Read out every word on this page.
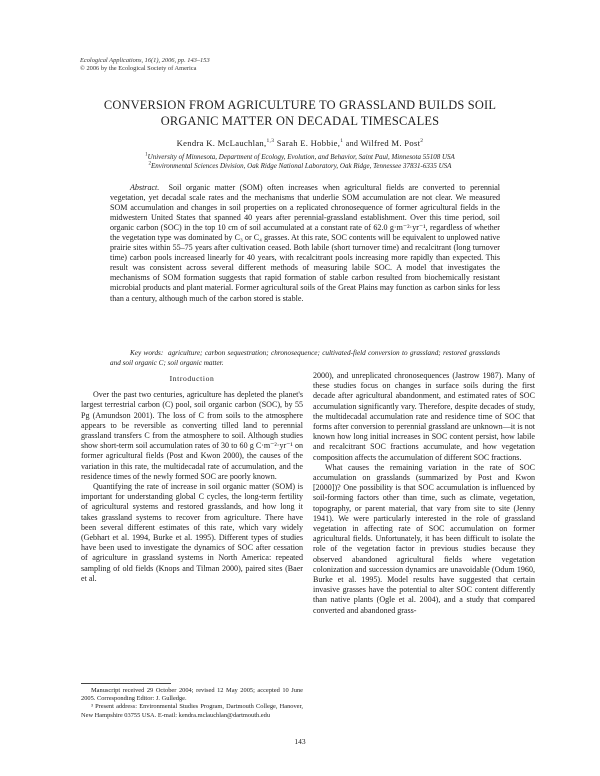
Ecological Applications, 16(1), 2006, pp. 143–153
© 2006 by the Ecological Society of America
CONVERSION FROM AGRICULTURE TO GRASSLAND BUILDS SOIL
ORGANIC MATTER ON DECADAL TIMESCALES
Kendra K. McLauchlan,$^{1,3}$ Sarah E. Hobbie,$^1$ and Wilfred M. Post$^2$
$^1$University of Minnesota, Department of Ecology, Evolution, and Behavior, Saint Paul, Minnesota 55108 USA
$^2$Environmental Sciences Division, Oak Ridge National Laboratory, Oak Ridge, Tennessee 37831-6335 USA

Abstract. Soil organic matter (SOM) often increases when agricultural fields are converted to perennial vegetation, yet decadal scale rates and the mechanisms that underlie SOM accumulation are not clear. We measured SOM accumulation and changes in soil properties on a replicated chronosequence of former agricultural fields in the midwestern United States that spanned 40 years after perennial-grassland establishment. Over this time period, soil organic carbon (SOC) in the top 10 cm of soil accumulated at a constant rate of 62.0 g·m⁻²·yr⁻¹, regardless of whether the vegetation type was dominated by C₃ or C₄ grasses. At this rate, SOC contents will be equivalent to unplowed native prairie sites within 55–75 years after cultivation ceased. Both labile (short turnover time) and recalcitrant (long turnover time) carbon pools increased linearly for 40 years, with recalcitrant pools increasing more rapidly than expected. This result was consistent across several different methods of measuring labile SOC. A model that investigates the mechanisms of SOM formation suggests that rapid formation of stable carbon resulted from biochemically resistant microbial products and plant material. Former agricultural soils of the Great Plains may function as carbon sinks for less than a century, although much of the carbon stored is stable.

Key words: agriculture; carbon sequestration; chronosequence; cultivated-field conversion to grassland; restored grasslands and soil organic C; soil organic matter.

Introduction

Over the past two centuries, agriculture has depleted the planet's largest terrestrial carbon (C) pool, soil organic carbon (SOC), by 55 Pg (Amundson 2001). The loss of C from soils to the atmosphere appears to be reversible as converting tilled land to perennial grassland transfers C from the atmosphere to soil. Although studies show short-term soil accumulation rates of 30 to 60 g C·m⁻²·yr⁻¹ on former agricultural fields (Post and Kwon 2000), the causes of the variation in this rate, the multidecadal rate of accumulation, and the residence times of the newly formed SOC are poorly known.

Quantifying the rate of increase in soil organic matter (SOM) is important for understanding global C cycles, the long-term fertility of agricultural systems and restored grasslands, and how long it takes grassland systems to recover from agriculture. There have been several different estimates of this rate, which vary widely (Gebhart et al. 1994, Burke et al. 1995). Different types of studies have been used to investigate the dynamics of SOC after cessation of agriculture in grassland systems in North America: repeated sampling of old fields (Knops and Tilman 2000), paired sites (Baer et al.

2000), and unreplicated chronosequences (Jastrow 1987). Many of these studies focus on changes in surface soils during the first decade after agricultural abandonment, and estimated rates of SOC accumulation significantly vary. Therefore, despite decades of study, the multidecadal accumulation rate and residence time of SOC that forms after conversion to perennial grassland are unknown—it is not known how long initial increases in SOC content persist, how labile and recalcitrant SOC fractions accumulate, and how vegetation composition affects the accumulation of different SOC fractions.

What causes the remaining variation in the rate of SOC accumulation on grasslands (summarized by Post and Kwon [2000])? One possibility is that SOC accumulation is influenced by soil-forming factors other than time, such as climate, vegetation, topography, or parent material, that vary from site to site (Jenny 1941). We were particularly interested in the role of grassland vegetation in affecting rate of SOC accumulation on former agricultural fields. Unfortunately, it has been difficult to isolate the role of the vegetation factor in previous studies because they observed abandoned agricultural fields where vegetation colonization and succession dynamics are unavoidable (Odum 1960, Burke et al. 1995). Model results have suggested that certain invasive grasses have the potential to alter SOC content differently than native plants (Ogle et al. 2004), and a study that compared converted and abandoned grass-

Manuscript received 29 October 2004; revised 12 May 2005; accepted 10 June 2005. Corresponding Editor: J. Gulledge.

³ Present address: Environmental Studies Program, Dartmouth College, Hanover, New Hampshire 03755 USA. E-mail: kendra.mclauchlan@dartmouth.edu

143
